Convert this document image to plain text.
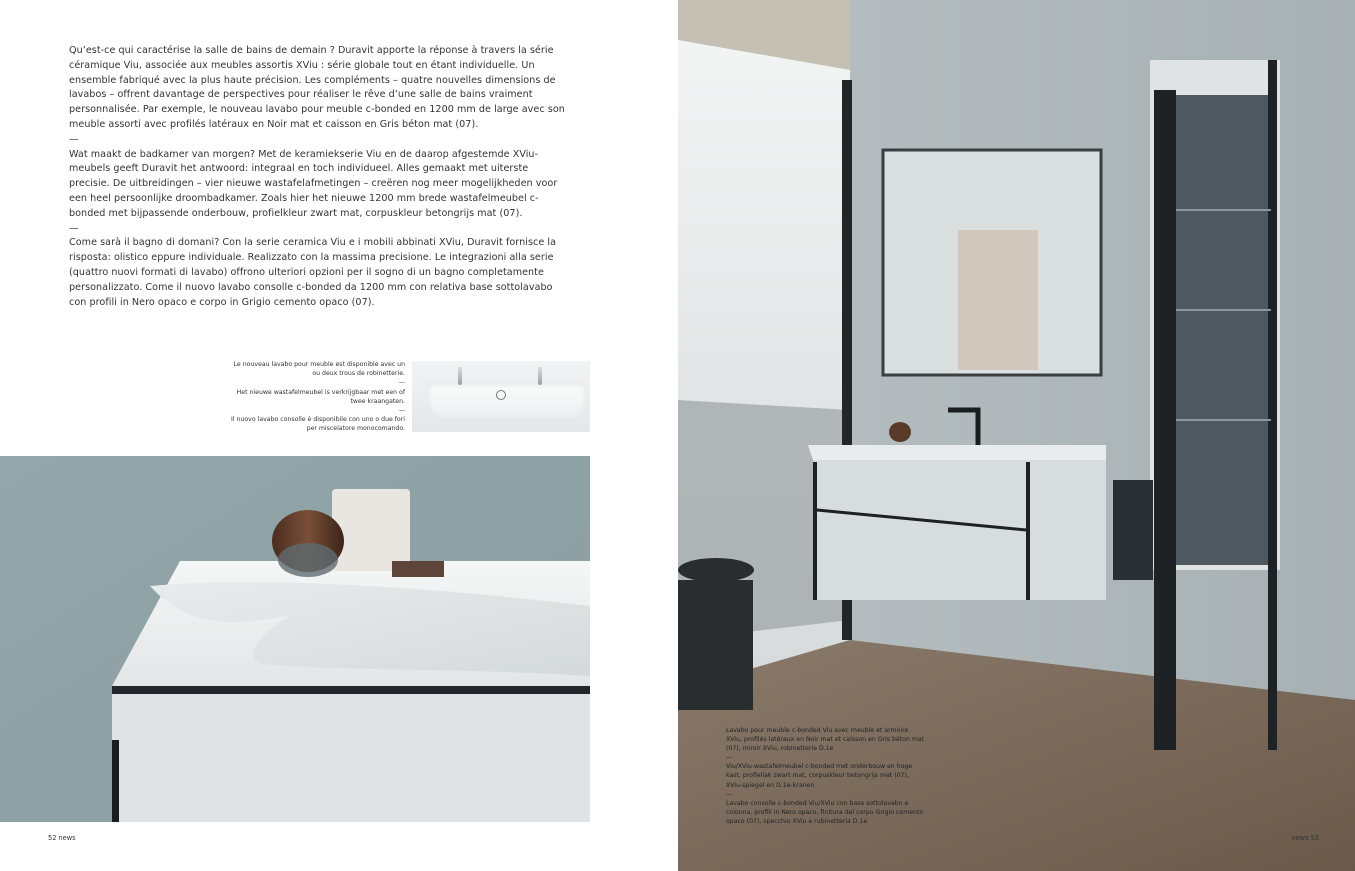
Qu’est-ce qui caractérise la salle de bains de demain ? Duravit apporte la réponse à travers la série céramique Viu, associée aux meubles assortis XViu : série globale tout en étant individuelle. Un ensemble fabriqué avec la plus haute précision. Les compléments – quatre nouvelles dimensions de lavabos – offrent davantage de perspectives pour réaliser le rêve d’une salle de bains vraiment personnalisée. Par exemple, le nouveau lavabo pour meuble c-bonded en 1200 mm de large avec son meuble assorti avec profilés latéraux en Noir mat et caisson en Gris béton mat (07).

—

Wat maakt de badkamer van morgen? Met de keramiekserie Viu en de daarop afgestemde XViu-meubels geeft Duravit het antwoord: integraal en toch individueel. Alles gemaakt met uiterste precisie. De uitbreidingen – vier nieuwe wastafelafmetingen – creëren nog meer mogelijkheden voor een heel persoonlijke droombadkamer. Zoals hier het nieuwe 1200 mm brede wastafelmeubel c-bonded met bijpassende onderbouw, profielkleur zwart mat, corpuskleur betongrijs mat (07).

—

Come sarà il bagno di domani? Con la serie ceramica Viu e i mobili abbinati XViu, Duravit fornisce la risposta: olistico eppure individuale. Realizzato con la massima precisione. Le integrazioni alla serie (quattro nuovi formati di lavabo) offrono ulteriori opzioni per il sogno di un bagno completamente personalizzato. Come il nuovo lavabo consolle c-bonded da 1200 mm con relativa base sottolavabo con profili in Nero opaco e corpo in Grigio cemento opaco (07).

Le nouveau lavabo pour meuble est disponible avec un ou deux trous de robinetterie.

—

Het nieuwe wastafelmeubel is verkrijgbaar met een of twee kraangaten.

—

Il nuovo lavabo consolle è disponibile con uno o due fori per miscelatore monocomando.

52 news

Lavabo pour meuble c-bonded Viu avec meuble et armoire XViu, profilés latéraux en Noir mat et caisson en Gris béton mat (07), miroir XViu, robinetterie D.1e

—

Viu/XViu-wastafelmeubel c-bonded met onderbouw en hoge kast, profiellak zwart mat, corpuskleur betongrijs mat (07), XViu-spiegel en D.1e-kranen

—

Lavabo consolle c-bonded Viu/XViu con base sottolavabo e colonna, profili in Nero opaco, finitura del corpo Grigio cemento opaco (07), specchio XViu e rubinetteria D.1e

news 53
